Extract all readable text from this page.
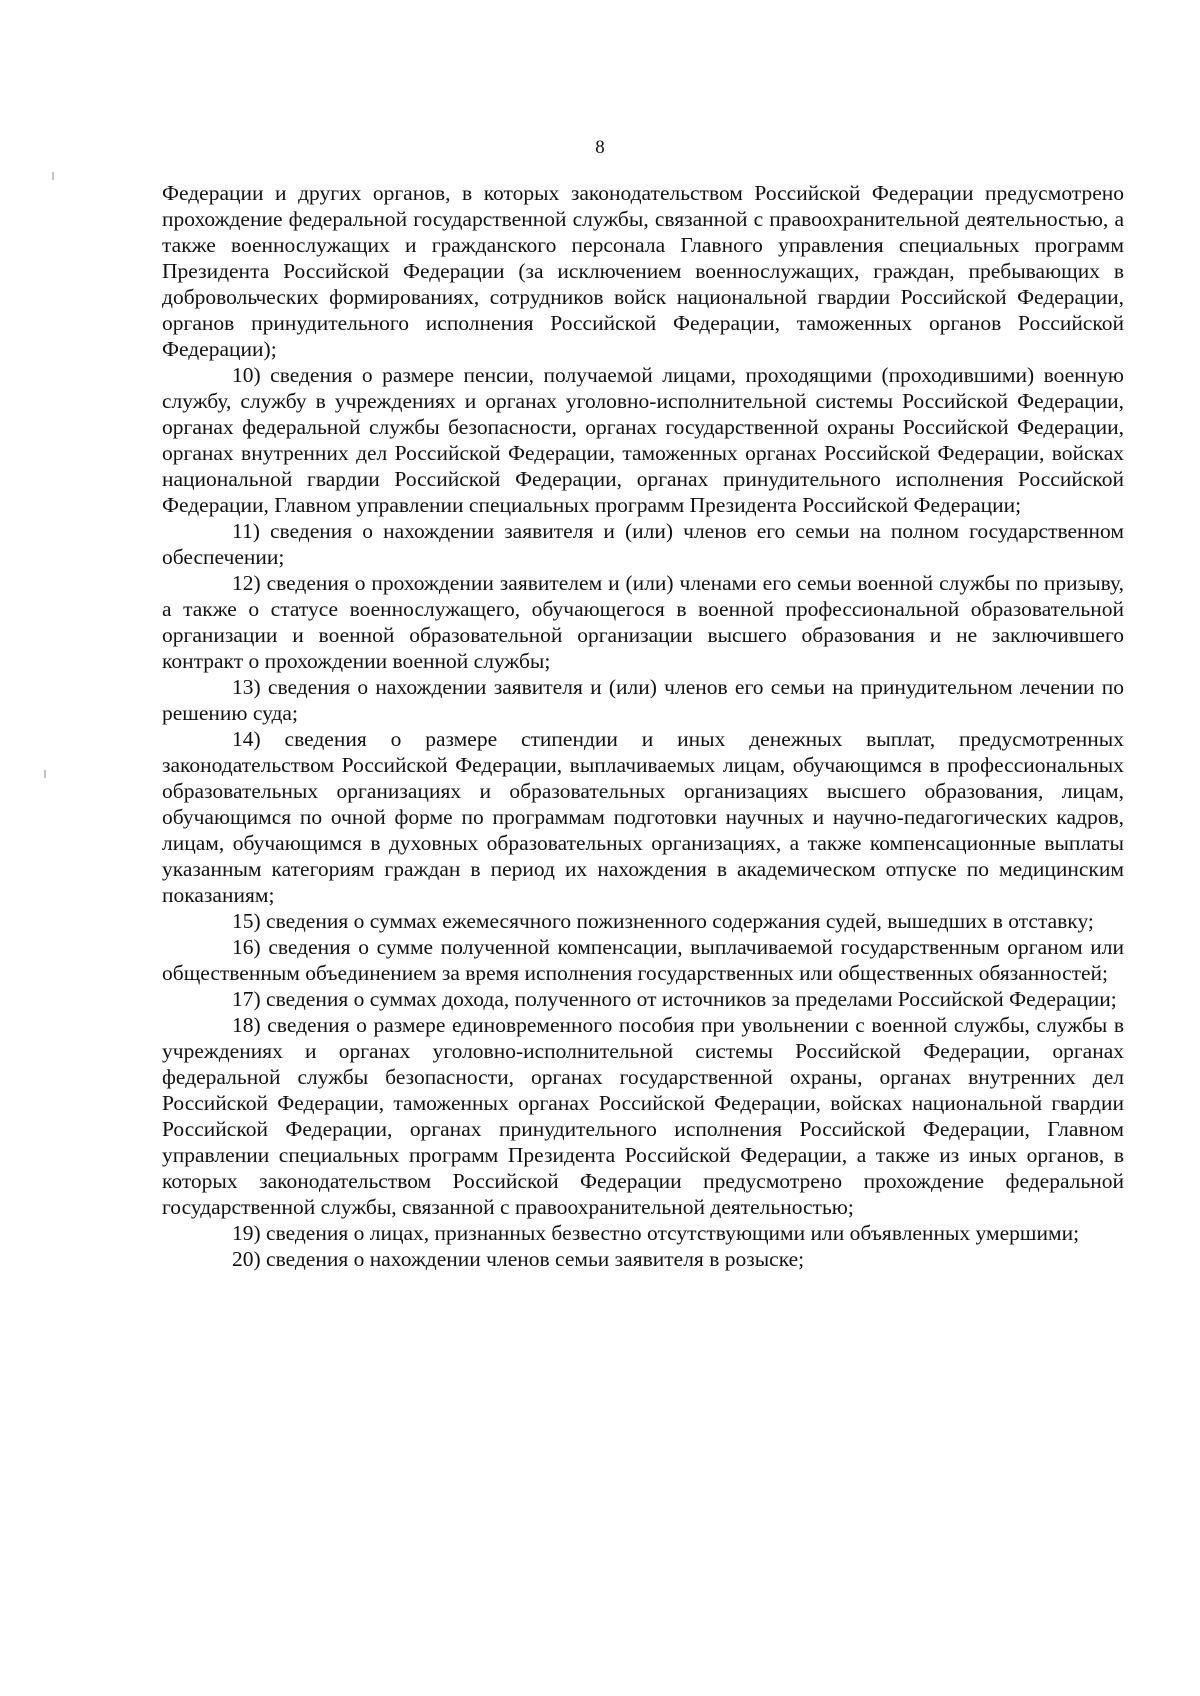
8

Федерации и других органов, в которых законодательством Российской Федерации предусмотрено прохождение федеральной государственной службы, связанной с правоохранительной деятельностью, а также военнослужащих и гражданского персонала Главного управления специальных программ Президента Российской Федерации (за исключением военнослужащих, граждан, пребывающих в добровольческих формированиях, сотрудников войск национальной гвардии Российской Федерации, органов принудительного исполнения Российской Федерации, таможенных органов Российской Федерации);

10) сведения о размере пенсии, получаемой лицами, проходящими (проходившими) военную службу, службу в учреждениях и органах уголовно-исполнительной системы Российской Федерации, органах федеральной службы безопасности, органах государственной охраны Российской Федерации, органах внутренних дел Российской Федерации, таможенных органах Российской Федерации, войсках национальной гвардии Российской Федерации, органах принудительного исполнения Российской Федерации, Главном управлении специальных программ Президента Российской Федерации;

11) сведения о нахождении заявителя и (или) членов его семьи на полном государственном обеспечении;

12) сведения о прохождении заявителем и (или) членами его семьи военной службы по призыву, а также о статусе военнослужащего, обучающегося в военной профессиональной образовательной организации и военной образовательной организации высшего образования и не заключившего контракт о прохождении военной службы;

13) сведения о нахождении заявителя и (или) членов его семьи на принудительном лечении по решению суда;

14) сведения о размере стипендии и иных денежных выплат, предусмотренных законодательством Российской Федерации, выплачиваемых лицам, обучающимся в профессиональных образовательных организациях и образовательных организациях высшего образования, лицам, обучающимся по очной форме по программам подготовки научных и научно-педагогических кадров, лицам, обучающимся в духовных образовательных организациях, а также компенсационные выплаты указанным категориям граждан в период их нахождения в академическом отпуске по медицинским показаниям;

15) сведения о суммах ежемесячного пожизненного содержания судей, вышедших в отставку;

16) сведения о сумме полученной компенсации, выплачиваемой государственным органом или общественным объединением за время исполнения государственных или общественных обязанностей;

17) сведения о суммах дохода, полученного от источников за пределами Российской Федерации;

18) сведения о размере единовременного пособия при увольнении с военной службы, службы в учреждениях и органах уголовно-исполнительной системы Российской Федерации, органах федеральной службы безопасности, органах государственной охраны, органах внутренних дел Российской Федерации, таможенных органах Российской Федерации, войсках национальной гвардии Российской Федерации, органах принудительного исполнения Российской Федерации, Главном управлении специальных программ Президента Российской Федерации, а также из иных органов, в которых законодательством Российской Федерации предусмотрено прохождение федеральной государственной службы, связанной с правоохранительной деятельностью;

19) сведения о лицах, признанных безвестно отсутствующими или объявленных умершими;

20) сведения о нахождении членов семьи заявителя в розыске;
